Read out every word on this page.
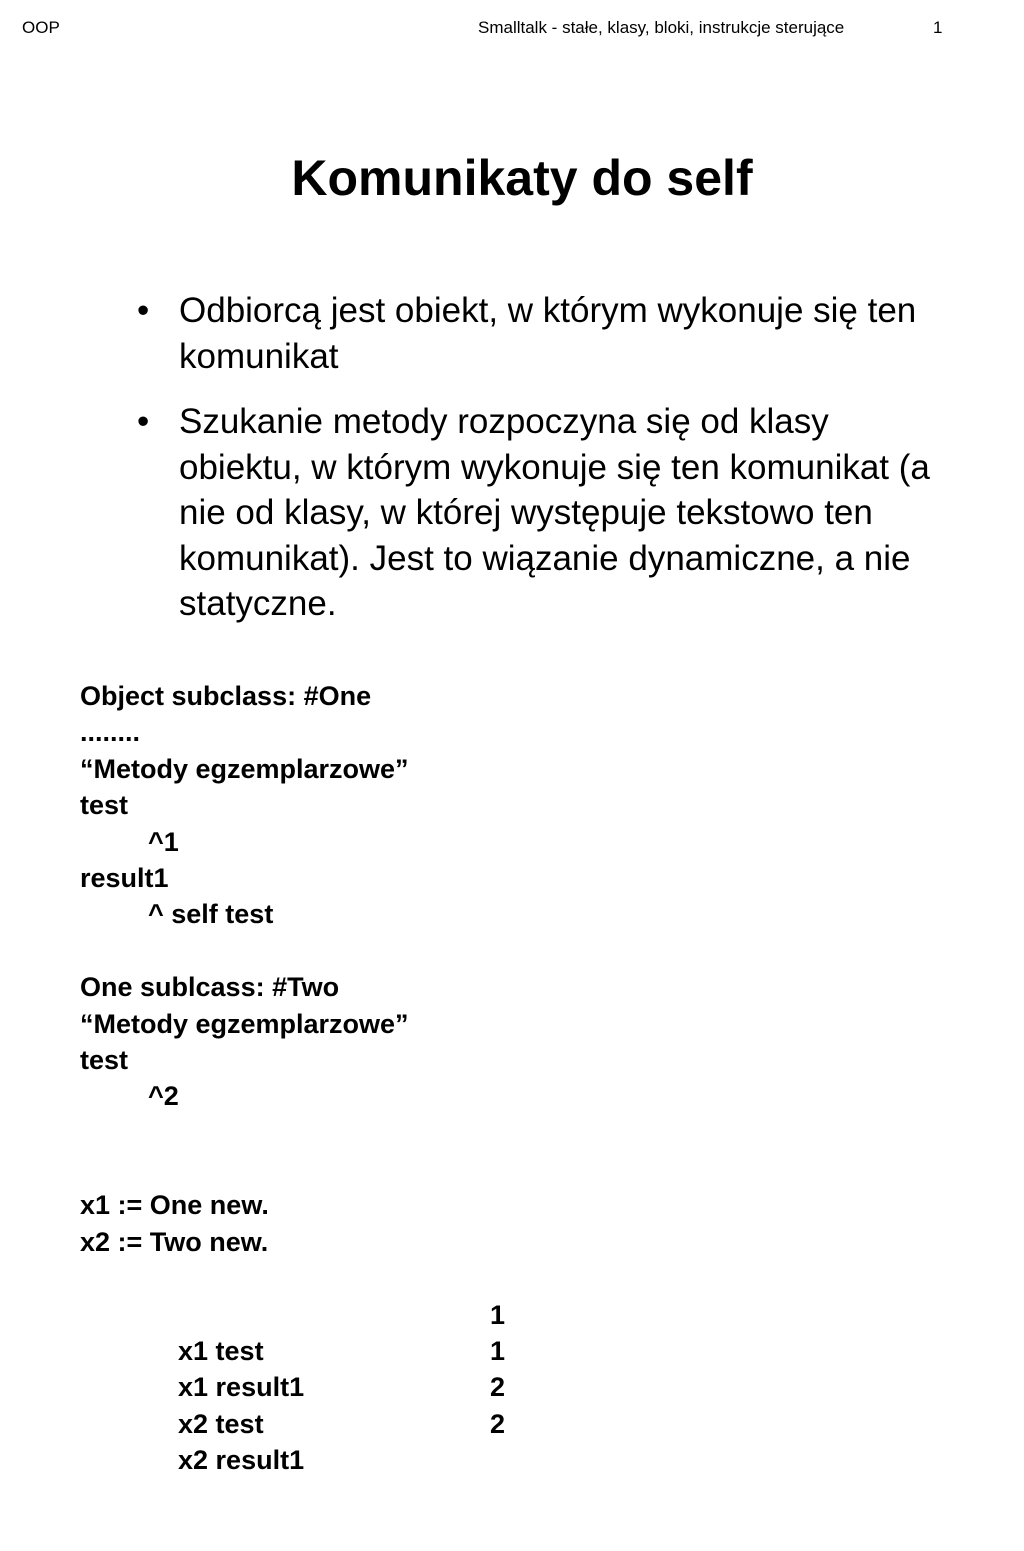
OOP	Smalltalk - stałe, klasy, bloki, instrukcje sterujące	1
Komunikaty do self
• Odbiorcą jest obiekt, w którym wykonuje się ten komunikat
• Szukanie metody rozpoczyna się od klasy obiektu, w którym wykonuje się ten komunikat (a nie od klasy, w której występuje tekstowo ten komunikat). Jest to wiązanie dynamiczne, a nie statyczne.
Object subclass: #One
........
“Metody egzemplarzowe”
test
^1
result1
^ self test
One sublcass: #Two
“Metody egzemplarzowe”
test
^2
x1 := One new.
x2 := Two new.

x1 test

1

x1 result1

1

x2 test

2

x2 result1

2
